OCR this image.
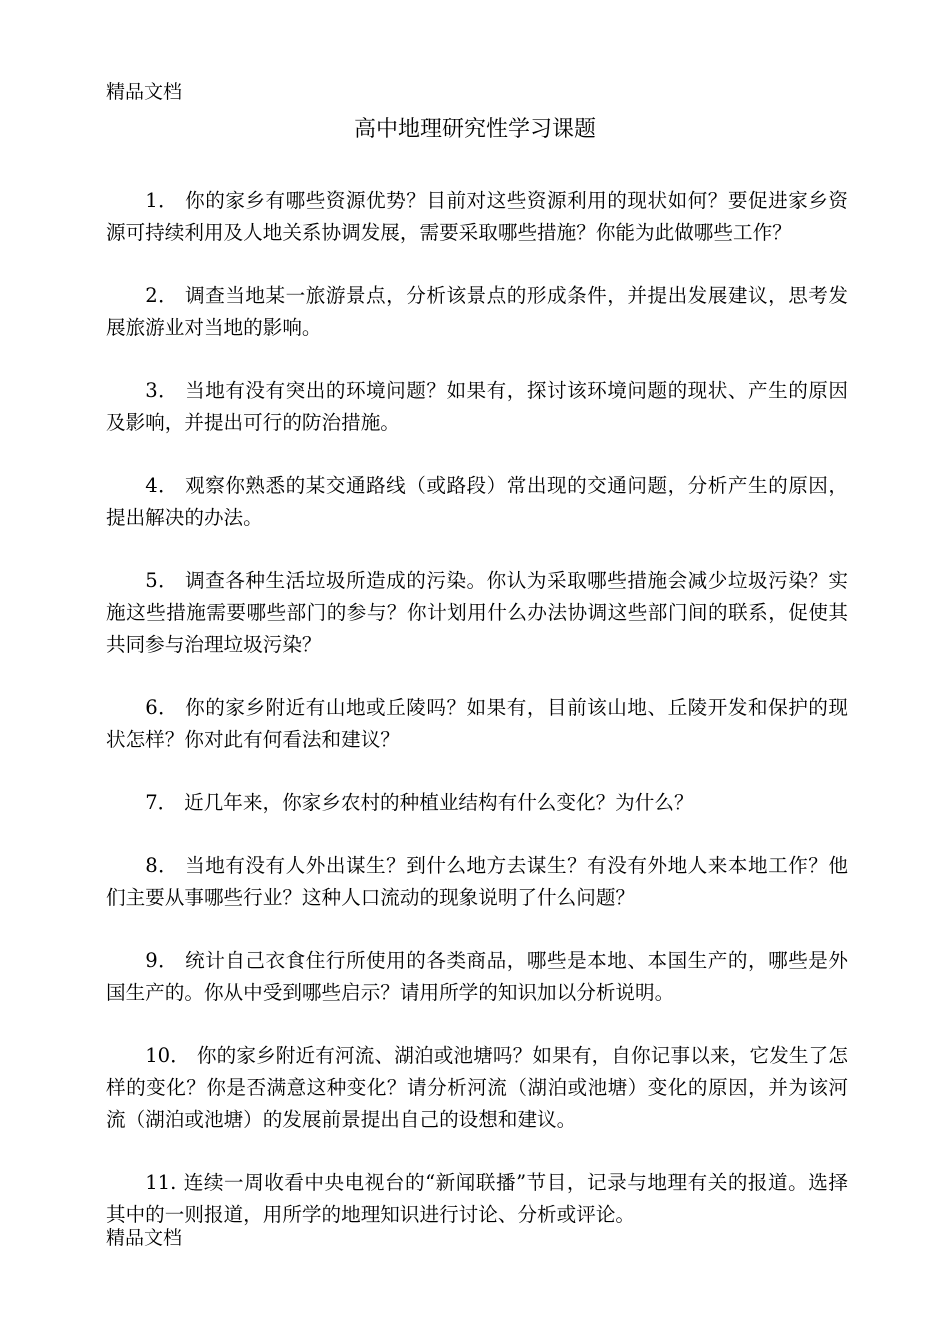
精品文档
高中地理研究性学习课题

1． 你的家乡有哪些资源优势？目前对这些资源利用的现状如何？要促进家乡资源可持续利用及人地关系协调发展，需要采取哪些措施？你能为此做哪些工作？

2． 调查当地某一旅游景点，分析该景点的形成条件，并提出发展建议，思考发展旅游业对当地的影响。

3． 当地有没有突出的环境问题？如果有，探讨该环境问题的现状、产生的原因及影响，并提出可行的防治措施。

4． 观察你熟悉的某交通路线（或路段）常出现的交通问题，分析产生的原因，提出解决的办法。

5． 调查各种生活垃圾所造成的污染。你认为采取哪些措施会减少垃圾污染？实施这些措施需要哪些部门的参与？你计划用什么办法协调这些部门间的联系，促使其共同参与治理垃圾污染？

6． 你的家乡附近有山地或丘陵吗？如果有，目前该山地、丘陵开发和保护的现状怎样？你对此有何看法和建议？

7． 近几年来，你家乡农村的种植业结构有什么变化？为什么？

8． 当地有没有人外出谋生？到什么地方去谋生？有没有外地人来本地工作？他们主要从事哪些行业？这种人口流动的现象说明了什么问题？

9． 统计自己衣食住行所使用的各类商品，哪些是本地、本国生产的，哪些是外国生产的。你从中受到哪些启示？请用所学的知识加以分析说明。

10． 你的家乡附近有河流、湖泊或池塘吗？如果有，自你记事以来，它发生了怎样的变化？你是否满意这种变化？请分析河流（湖泊或池塘）变化的原因，并为该河流（湖泊或池塘）的发展前景提出自己的设想和建议。

11. 连续一周收看中央电视台的“新闻联播”节目，记录与地理有关的报道。选择其中的一则报道，用所学的地理知识进行讨论、分析或评论。

精品文档
